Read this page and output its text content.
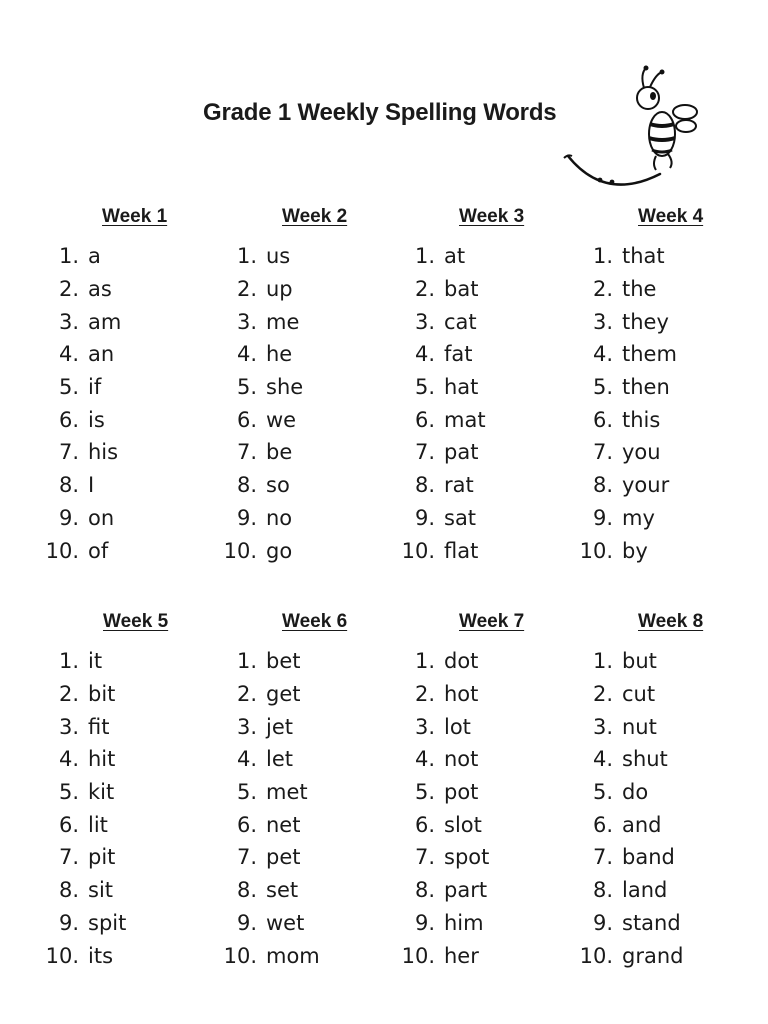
Grade 1 Weekly Spelling Words
Week 1
1. a
2. as
3. am
4. an
5. if
6. is
7. his
8. I
9. on
10. of
Week 2
1. us
2. up
3. me
4. he
5. she
6. we
7. be
8. so
9. no
10. go
Week 3
1. at
2. bat
3. cat
4. fat
5. hat
6. mat
7. pat
8. rat
9. sat
10. flat
Week 4
1. that
2. the
3. they
4. them
5. then
6. this
7. you
8. your
9. my
10. by
Week 5
1. it
2. bit
3. fit
4. hit
5. kit
6. lit
7. pit
8. sit
9. spit
10. its
Week 6
1. bet
2. get
3. jet
4. let
5. met
6. net
7. pet
8. set
9. wet
10. mom
Week 7
1. dot
2. hot
3. lot
4. not
5. pot
6. slot
7. spot
8. part
9. him
10. her
Week 8
1. but
2. cut
3. nut
4. shut
5. do
6. and
7. band
8. land
9. stand
10. grand
